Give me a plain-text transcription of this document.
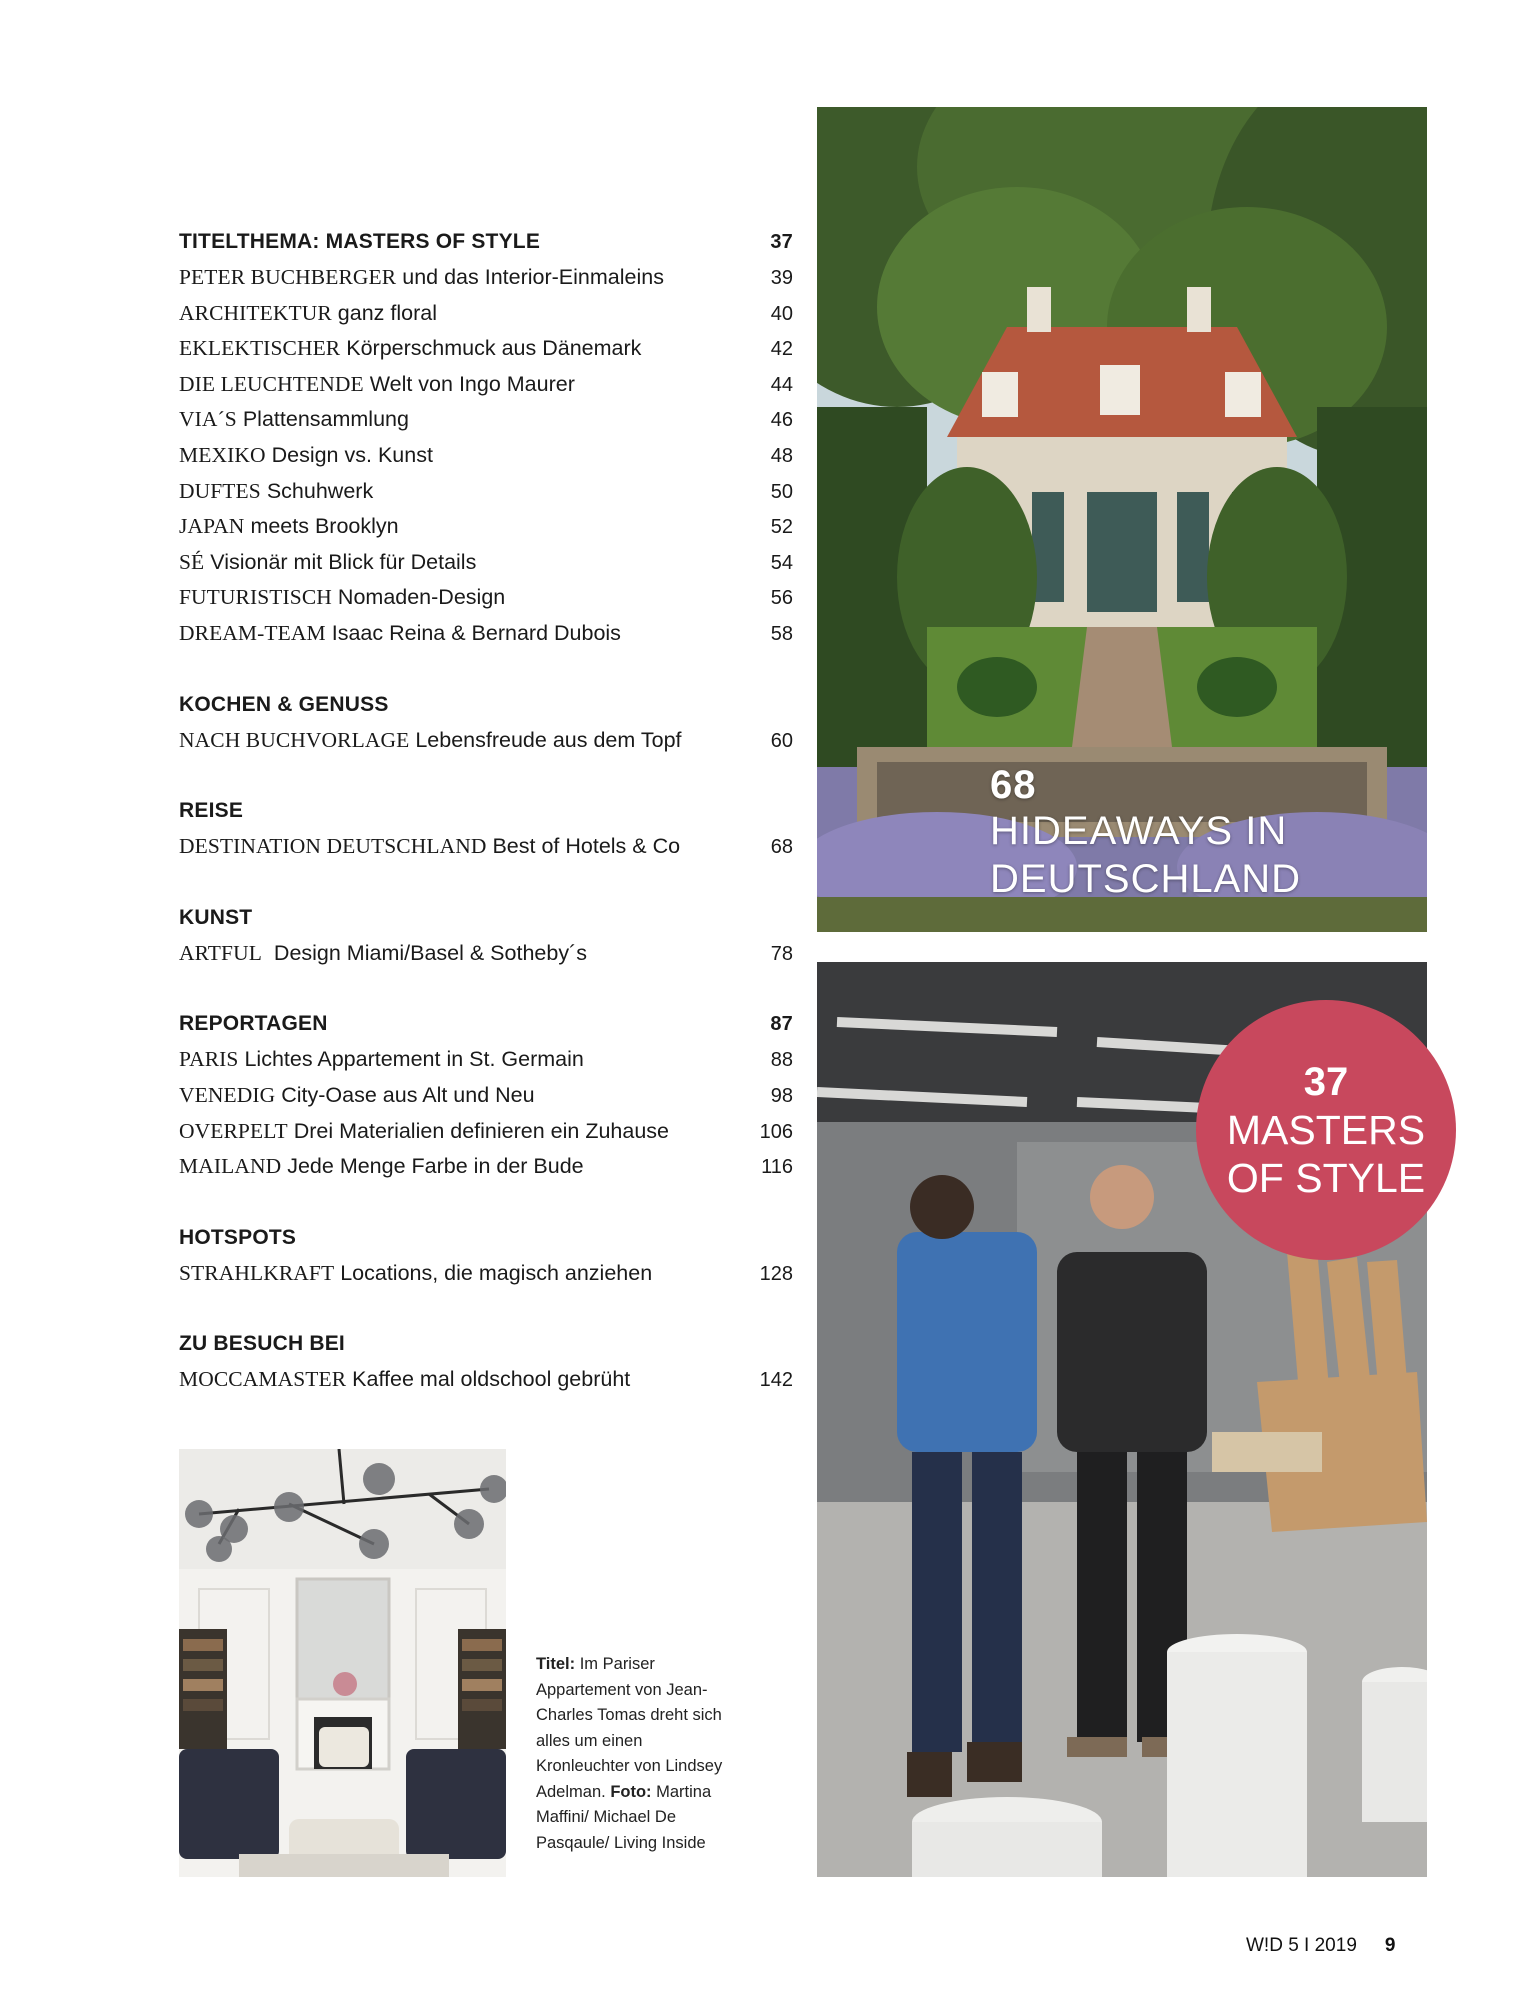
TITELTHEMA: MASTERS OF STYLE	37
PETER BUCHBERGER und das Interior-Einmaleins	39
ARCHITEKTUR ganz floral	40
EKLEKTISCHER Körperschmuck aus Dänemark	42
DIE LEUCHTENDE Welt von Ingo Maurer	44
VIA´S Plattensammlung	46
MEXIKO Design vs. Kunst	48
DUFTES Schuhwerk	50
JAPAN meets Brooklyn	52
SÉ Visionär mit Blick für Details	54
FUTURISTISCH Nomaden-Design	56
DREAM-TEAM Isaac Reina & Bernard Dubois	58
KOCHEN & GENUSS
NACH BUCHVORLAGE Lebensfreude aus dem Topf	60
REISE
DESTINATION DEUTSCHLAND Best of Hotels & Co	68
KUNST
ARTFUL Design Miami/Basel & Sotheby´s	78
REPORTAGEN	87
PARIS Lichtes Appartement in St. Germain	88
VENEDIG City-Oase aus Alt und Neu	98
OVERPELT Drei Materialien definieren ein Zuhause	106
MAILAND Jede Menge Farbe in der Bude	116
HOTSPOTS
STRAHLKRAFT Locations, die magisch anziehen	128
ZU BESUCH BEI
MOCCAMASTER Kaffee mal oldschool gebrüht	142
Titel: Im Pariser Appartement von Jean-Charles Tomas dreht sich alles um einen Kronleuchter von Lindsey Adelman. Foto: Martina Maffini/ Michael De Pasqaule/ Living Inside
68
HIDEAWAYS IN
DEUTSCHLAND
37
MASTERS
OF STYLE
W!D 5 I 2019 9
